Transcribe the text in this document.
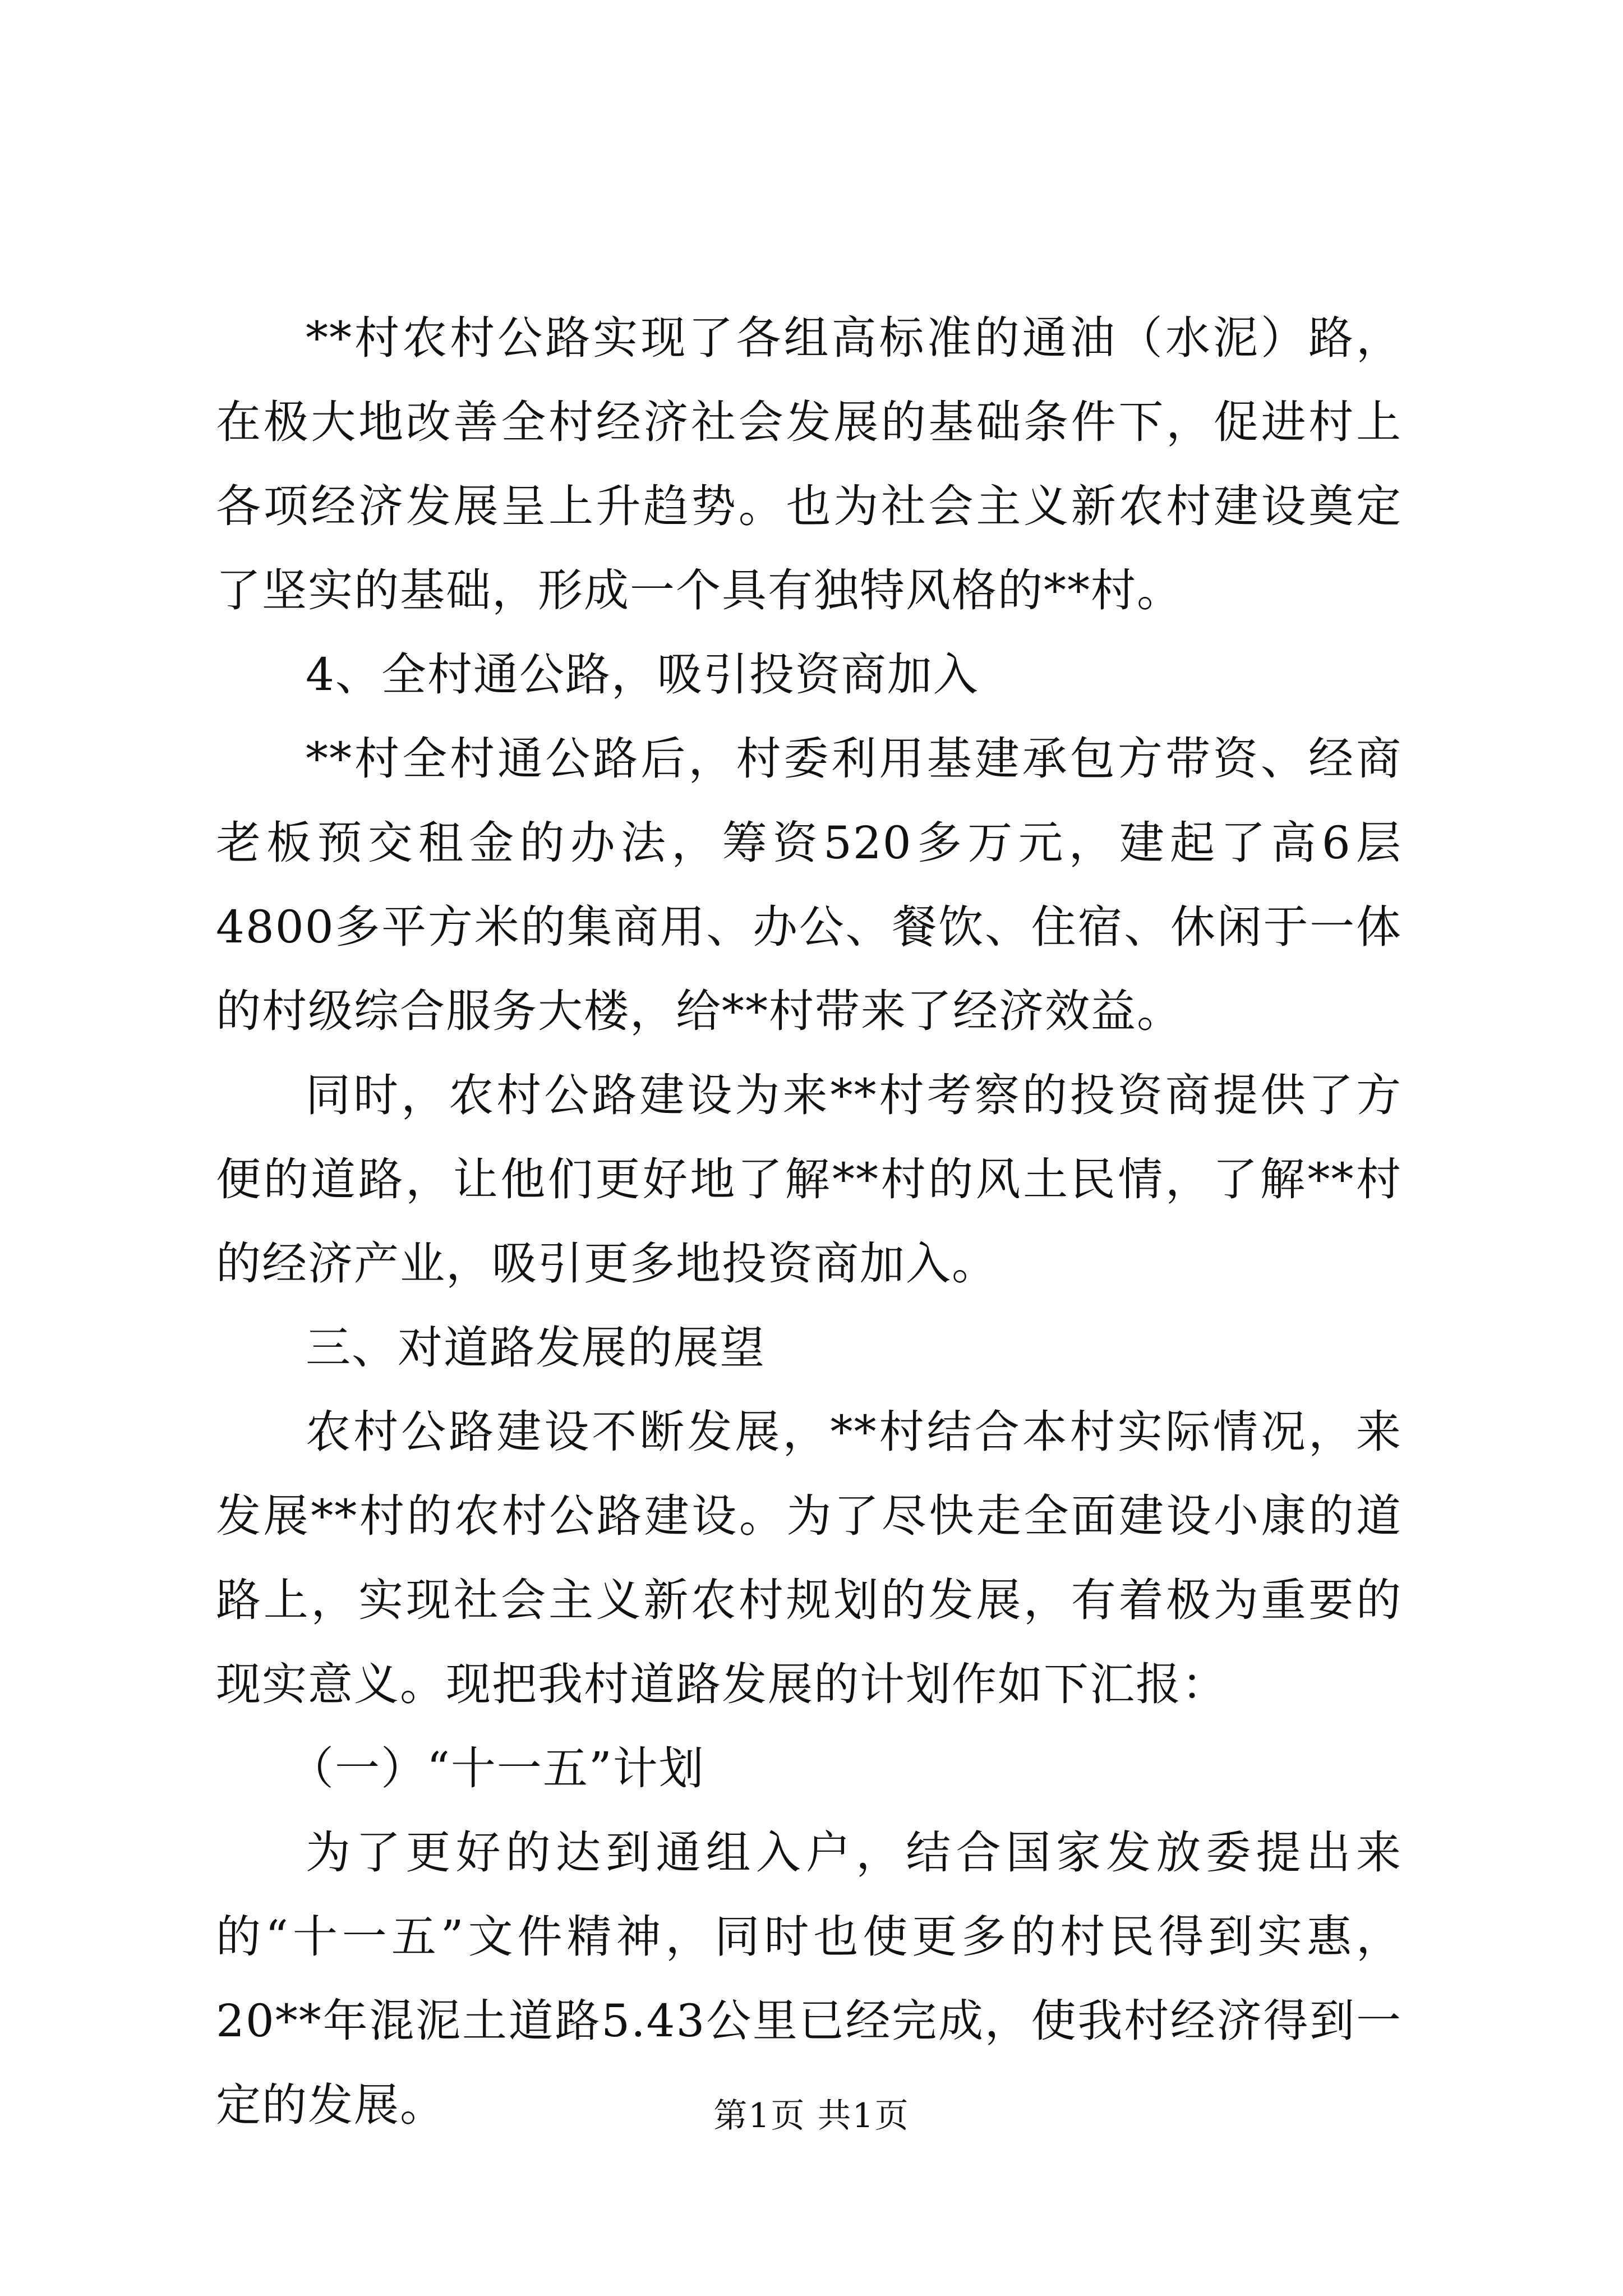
**村农村公路实现了各组高标准的通油（水泥）路，在极大地改善全村经济社会发展的基础条件下，促进村上各项经济发展呈上升趋势。也为社会主义新农村建设奠定了坚实的基础，形成一个具有独特风格的**村。

4、全村通公路，吸引投资商加入

**村全村通公路后，村委利用基建承包方带资、经商老板预交租金的办法，筹资520多万元，建起了高6层4800多平方米的集商用、办公、餐饮、住宿、休闲于一体的村级综合服务大楼，给**村带来了经济效益。

同时，农村公路建设为来**村考察的投资商提供了方便的道路，让他们更好地了解**村的风土民情，了解**村的经济产业，吸引更多地投资商加入。

三、对道路发展的展望

农村公路建设不断发展，**村结合本村实际情况，来发展**村的农村公路建设。为了尽快走全面建设小康的道路上，实现社会主义新农村规划的发展，有着极为重要的现实意义。现把我村道路发展的计划作如下汇报：

（一）“十一五”计划

为了更好的达到通组入户，结合国家发放委提出来的“十一五”文件精神，同时也使更多的村民得到实惠，20**年混泥土道路5.43公里已经完成，使我村经济得到一定的发展。	第1页 共1页
